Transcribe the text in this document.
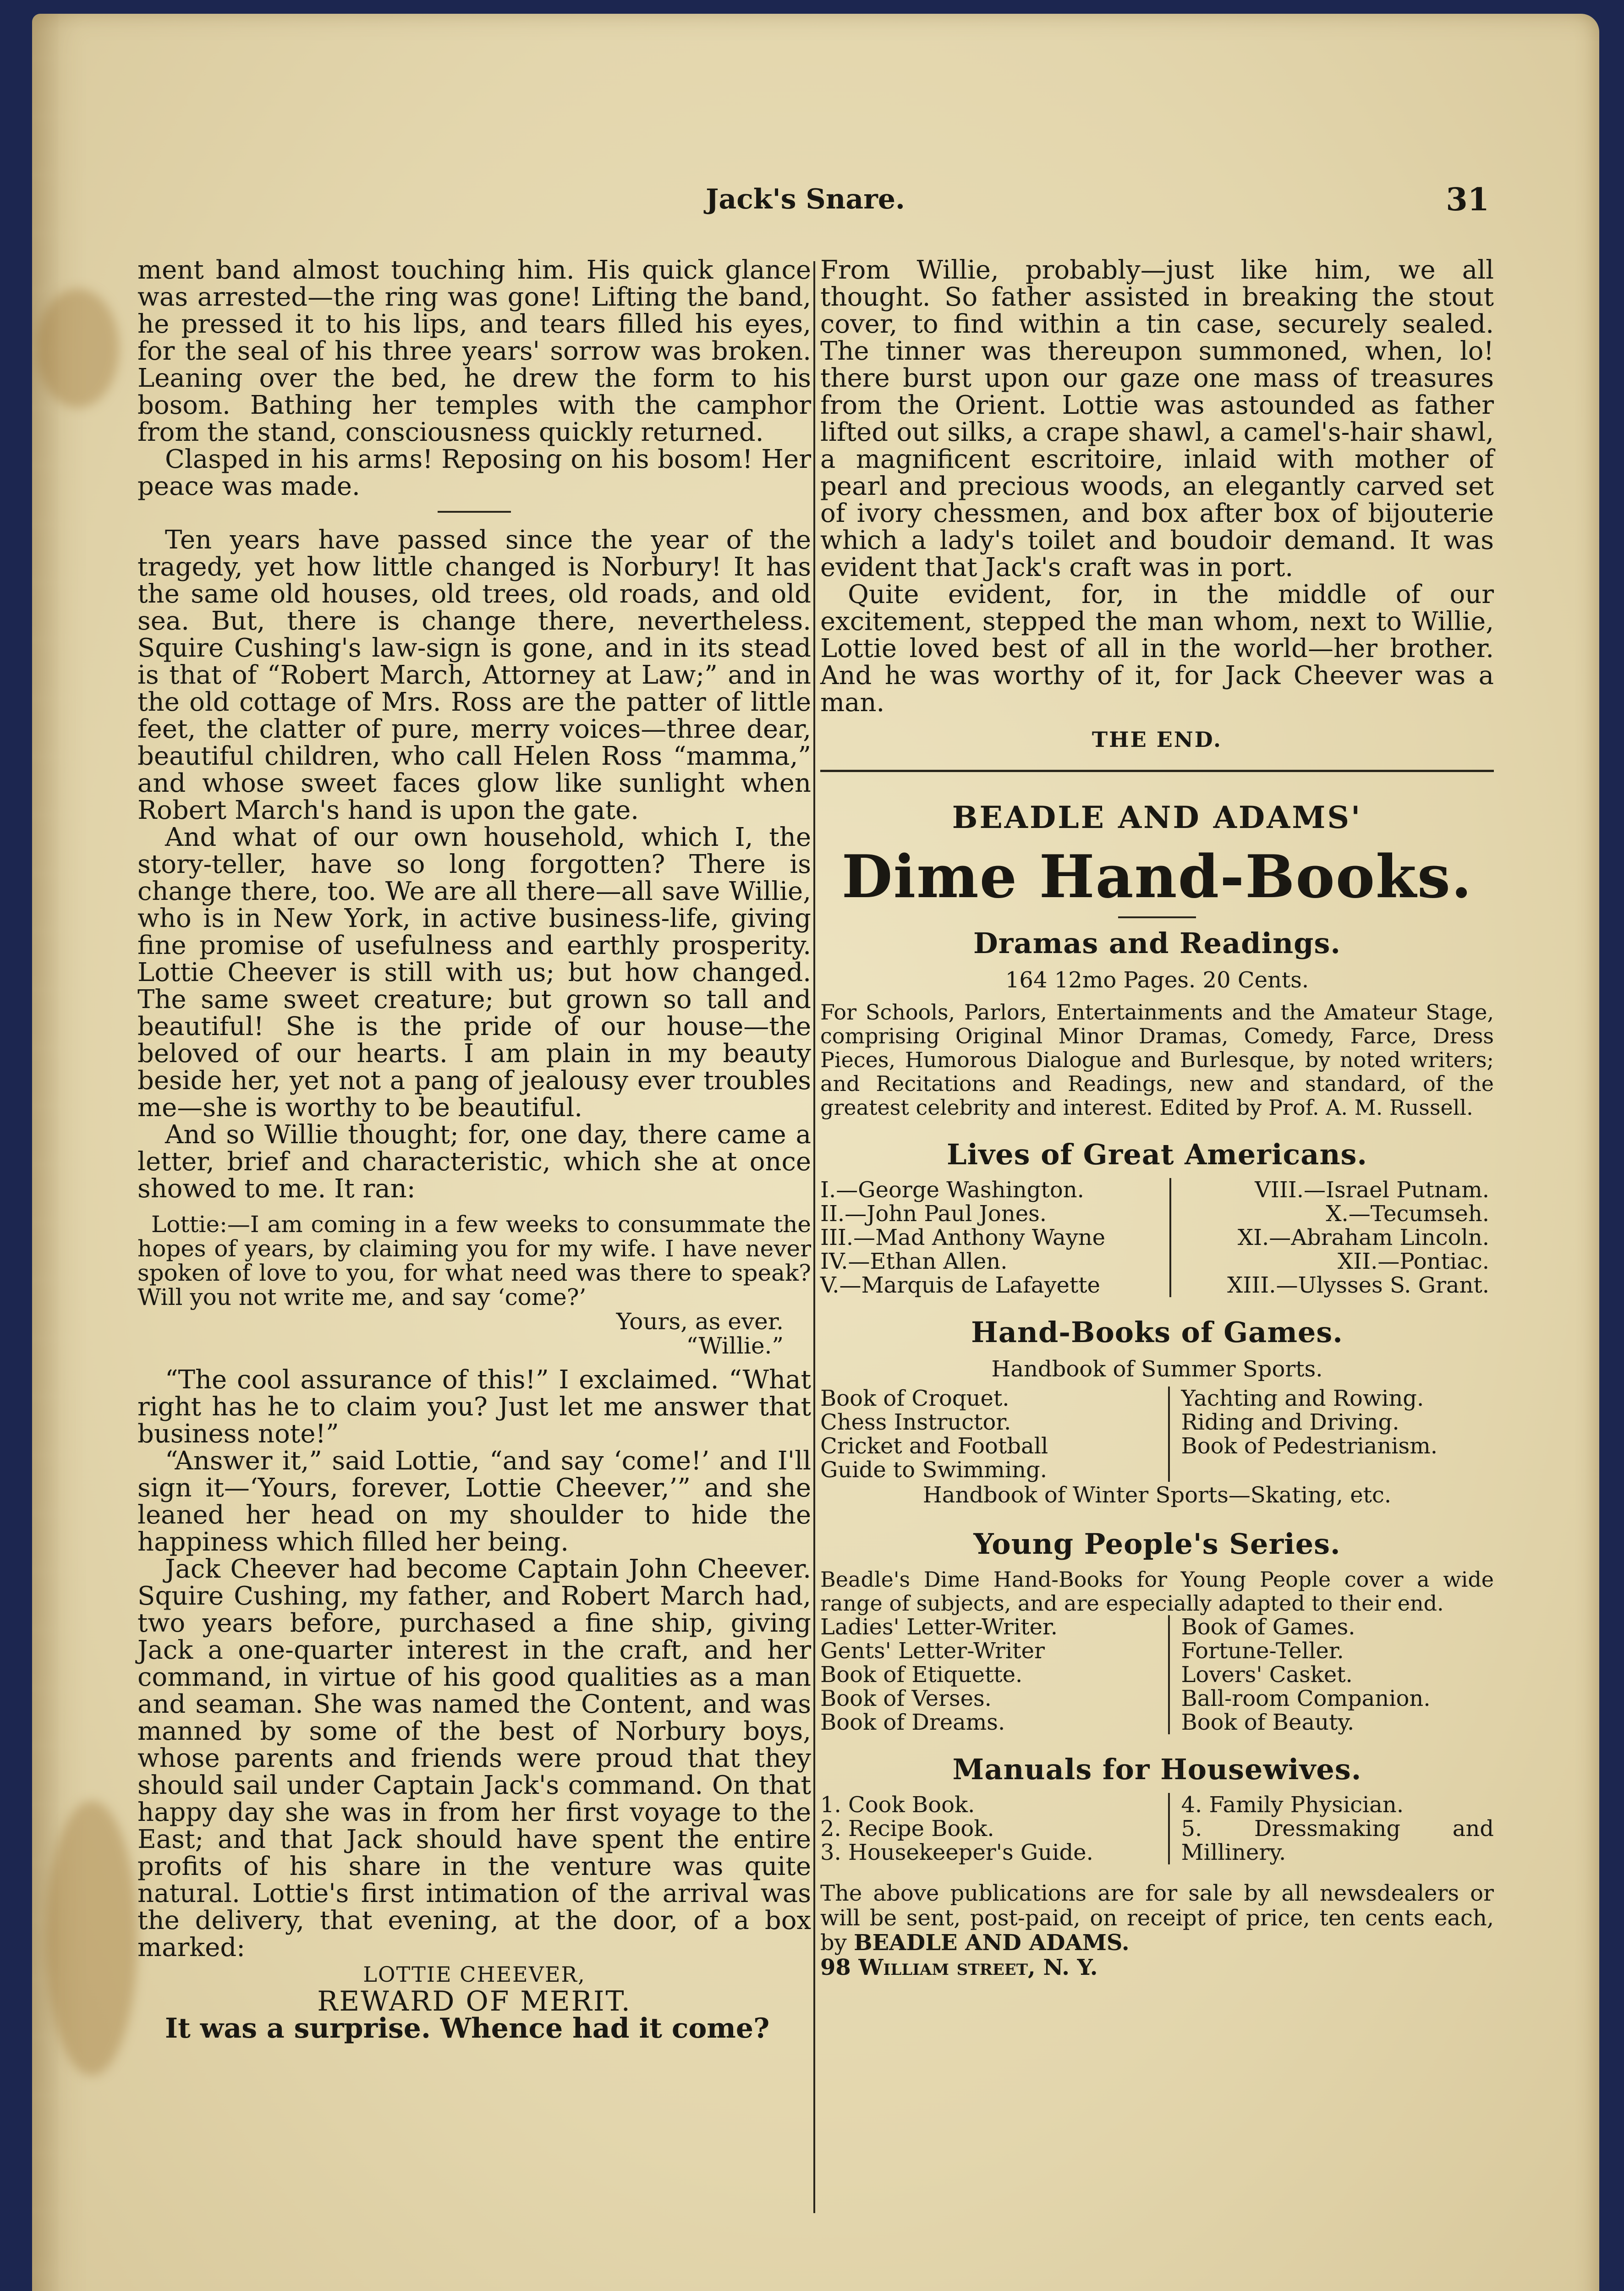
Jack's Snare.	31

ment band almost touching him. His quick glance was arrested—the ring was gone! Lifting the band, he pressed it to his lips, and tears filled his eyes, for the seal of his three years' sorrow was broken. Leaning over the bed, he drew the form to his bosom. Bathing her temples with the camphor from the stand, consciousness quickly returned.

Clasped in his arms! Reposing on his bosom! Her peace was made.

Ten years have passed since the year of the tragedy, yet how little changed is Norbury! It has the same old houses, old trees, old roads, and old sea. But, there is change there, nevertheless. Squire Cushing's law-sign is gone, and in its stead is that of “Robert March, Attorney at Law;” and in the old cottage of Mrs. Ross are the patter of little feet, the clatter of pure, merry voices—three dear, beautiful children, who call Helen Ross “mamma,” and whose sweet faces glow like sunlight when Robert March's hand is upon the gate.

And what of our own household, which I, the story-teller, have so long forgotten? There is change there, too. We are all there—all save Willie, who is in New York, in active business-life, giving fine promise of usefulness and earthly prosperity. Lottie Cheever is still with us; but how changed. The same sweet creature; but grown so tall and beautiful! She is the pride of our house—the beloved of our hearts. I am plain in my beauty beside her, yet not a pang of jealousy ever troubles me—she is worthy to be beautiful.

And so Willie thought; for, one day, there came a letter, brief and characteristic, which she at once showed to me. It ran:

Lottie:—I am coming in a few weeks to consummate the hopes of years, by claiming you for my wife. I have never spoken of love to you, for what need was there to speak? Will you not write me, and say ‘come?’

Yours, as ever.

“Willie.”

“The cool assurance of this!” I exclaimed. “What right has he to claim you? Just let me answer that business note!”

“Answer it,” said Lottie, “and say ‘come!’ and I'll sign it—‘Yours, forever, Lottie Cheever,’” and she leaned her head on my shoulder to hide the happiness which filled her being.

Jack Cheever had become Captain John Cheever. Squire Cushing, my father, and Robert March had, two years before, purchased a fine ship, giving Jack a one-quarter interest in the craft, and her command, in virtue of his good qualities as a man and seaman. She was named the Content, and was manned by some of the best of Norbury boys, whose parents and friends were proud that they should sail under Captain Jack's command. On that happy day she was in from her first voyage to the East; and that Jack should have spent the entire profits of his share in the venture was quite natural. Lottie's first intimation of the arrival was the delivery, that evening, at the door, of a box marked:

LOTTIE CHEEVER,

REWARD OF MERIT.

It was a surprise. Whence had it come?

From Willie, probably—just like him, we all thought. So father assisted in breaking the stout cover, to find within a tin case, securely sealed. The tinner was thereupon summoned, when, lo! there burst upon our gaze one mass of treasures from the Orient. Lottie was astounded as father lifted out silks, a crape shawl, a camel's-hair shawl, a magnificent escritoire, inlaid with mother of pearl and precious woods, an elegantly carved set of ivory chessmen, and box after box of bijouterie which a lady's toilet and boudoir demand. It was evident that Jack's craft was in port.

Quite evident, for, in the middle of our excitement, stepped the man whom, next to Willie, Lottie loved best of all in the world—her brother. And he was worthy of it, for Jack Cheever was a man.

THE END.
BEADLE AND ADAMS'
Dime Hand-Books.
Dramas and Readings.
164 12mo Pages. 20 Cents.
For Schools, Parlors, Entertainments and the Amateur Stage, comprising Original Minor Dramas, Comedy, Farce, Dress Pieces, Humorous Dialogue and Burlesque, by noted writers; and Recitations and Readings, new and standard, of the greatest celebrity and interest. Edited by Prof. A. M. Russell.
Lives of Great Americans.
I.—George Washington.
II.—John Paul Jones.
III.—Mad Anthony Wayne
IV.—Ethan Allen.
V.—Marquis de Lafayette
VIII.—Israel Putnam.
X.—Tecumseh.
XI.—Abraham Lincoln.
XII.—Pontiac.
XIII.—Ulysses S. Grant.
Hand-Books of Games.
Handbook of Summer Sports.
Book of Croquet.
Chess Instructor.
Cricket and Football
Guide to Swimming.
Yachting and Rowing.
Riding and Driving.
Book of Pedestrianism.
Handbook of Winter Sports—Skating, etc.
Young People's Series.
Beadle's Dime Hand-Books for Young People cover a wide range of subjects, and are especially adapted to their end.
Ladies' Letter-Writer.
Gents' Letter-Writer
Book of Etiquette.
Book of Verses.
Book of Dreams.
Book of Games.
Fortune-Teller.
Lovers' Casket.
Ball-room Companion.
Book of Beauty.
Manuals for Housewives.
1. Cook Book.
2. Recipe Book.
3. Housekeeper's Guide.
4. Family Physician.
5. Dressmaking and Millinery.
The above publications are for sale by all newsdealers or will be sent, post-paid, on receipt of price, ten cents each, by BEADLE AND ADAMS.
98 William street, N. Y.
